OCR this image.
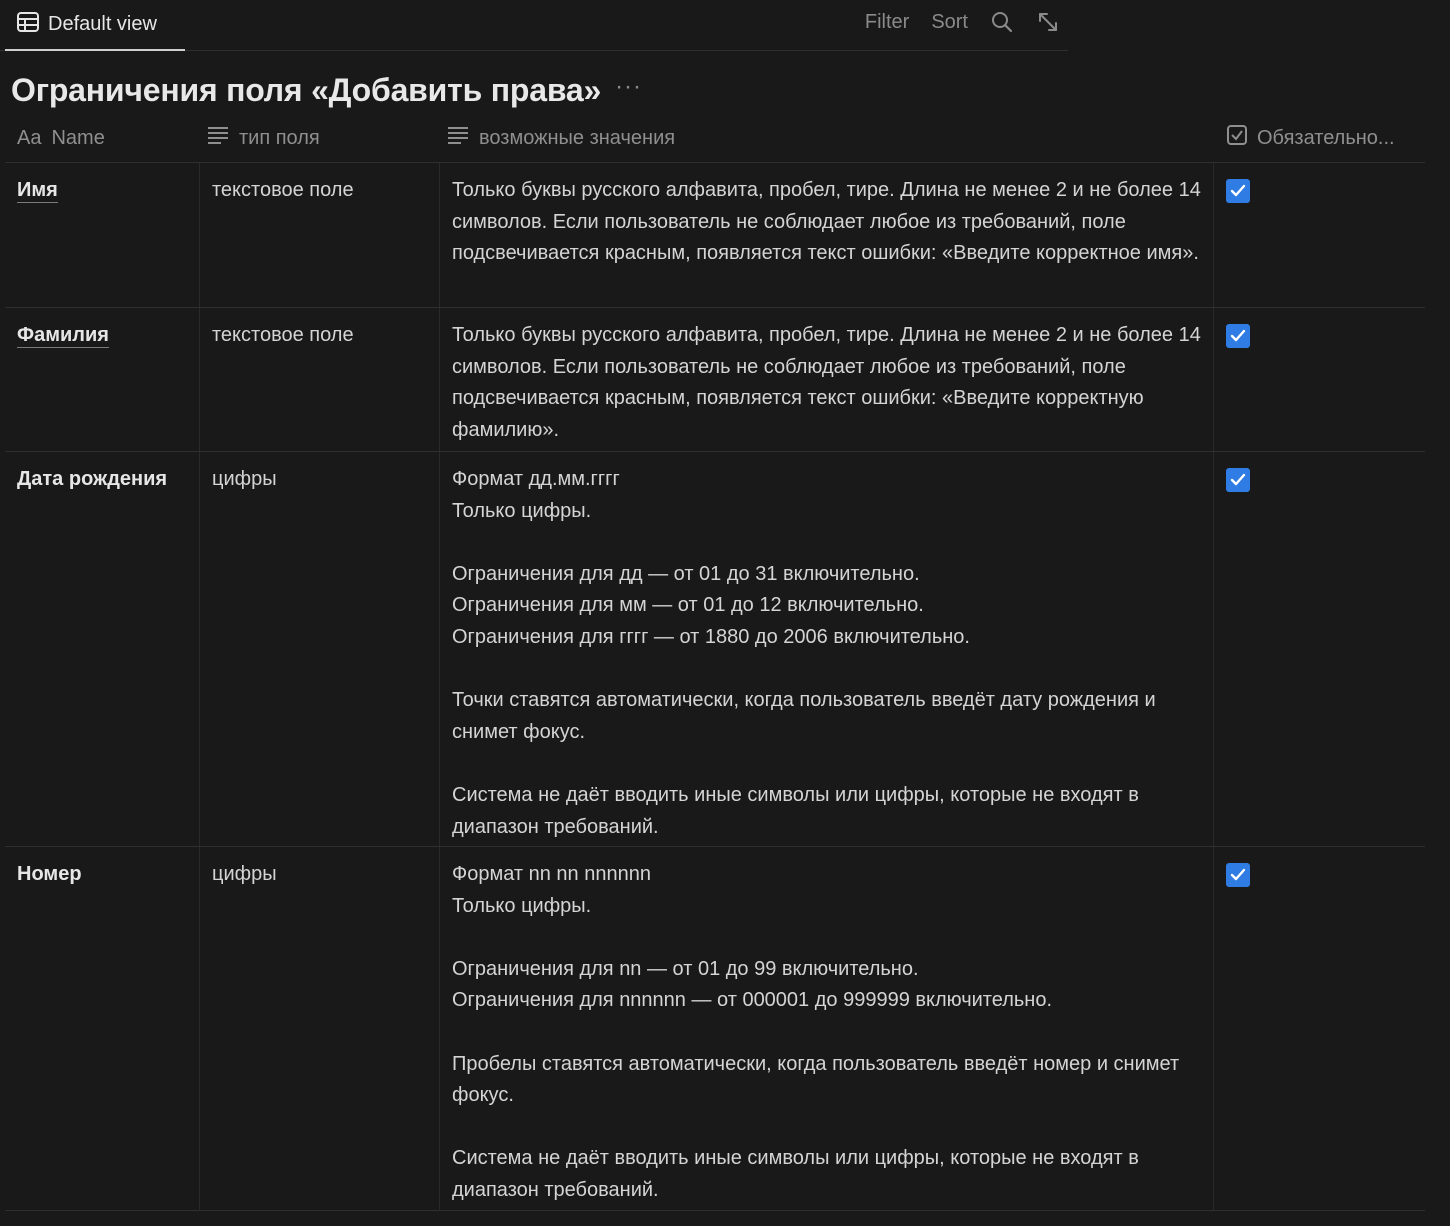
Default view	Filter Sort
Ограничения поля «Добавить права» ···
Aa Name	тип поля	возможные значения	Обязательно...
Имя	текстовое поле	Только буквы русского алфавита, пробел, тире. Длина не менее 2 и не более 14 символов. Если пользователь не соблюдает любое из требований, поле подсвечивается красным, появляется текст ошибки: «Введите корректное имя».
Фамилия	текстовое поле	Только буквы русского алфавита, пробел, тире. Длина не менее 2 и не более 14 символов. Если пользователь не соблюдает любое из требований, поле подсвечивается красным, появляется текст ошибки: «Введите корректную фамилию».
Дата рождения	цифры	Формат дд.мм.гггг
Только цифры.

Ограничения для дд — от 01 до 31 включительно.
Ограничения для мм — от 01 до 12 включительно.
Ограничения для гггг — от 1880 до 2006 включительно.

Точки ставятся автоматически, когда пользователь введёт дату рождения и снимет фокус.

Система не даёт вводить иные символы или цифры, которые не входят в диапазон требований.
Номер	цифры	Формат nn nn nnnnnn
Только цифры.

Ограничения для nn — от 01 до 99 включительно.
Ограничения для nnnnnn — от 000001 до 999999 включительно.

Пробелы ставятся автоматически, когда пользователь введёт номер и снимет фокус.

Система не даёт вводить иные символы или цифры, которые не входят в диапазон требований.
